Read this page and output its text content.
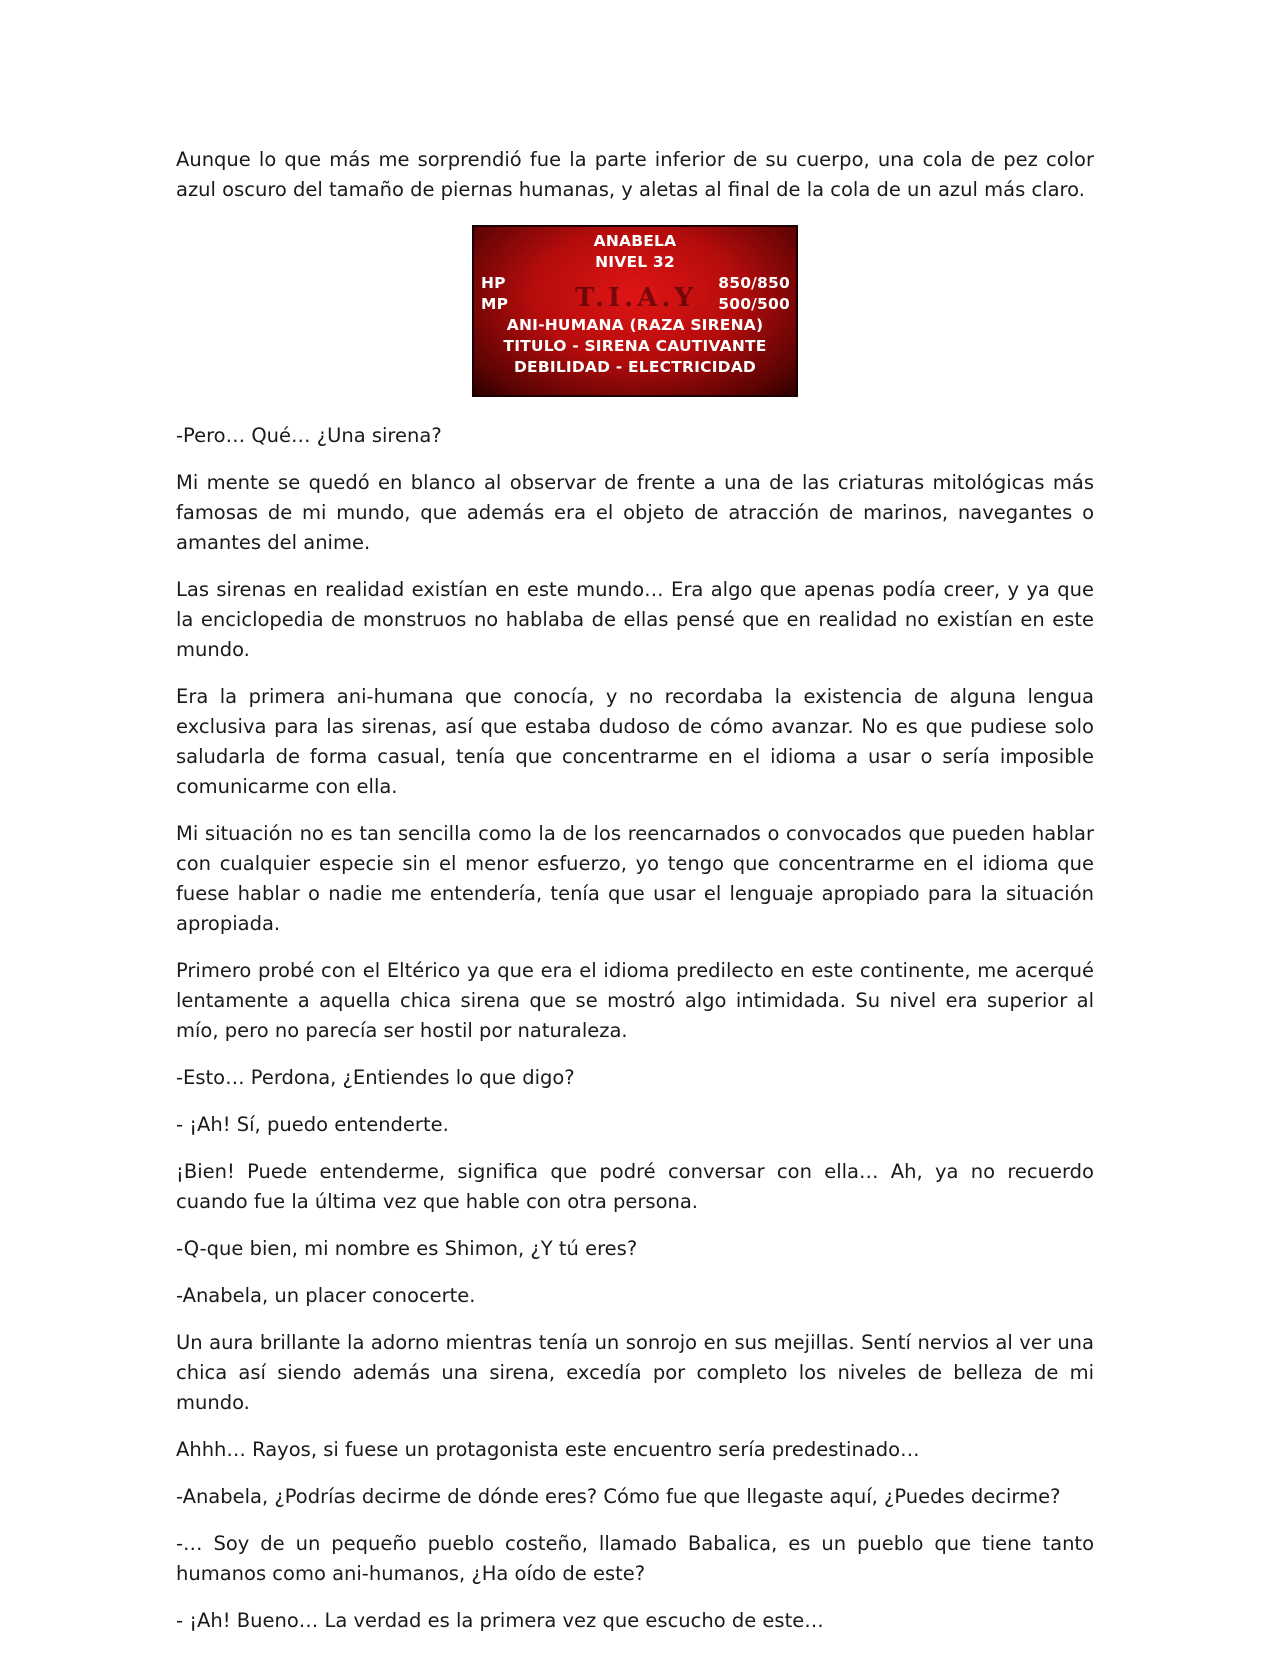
Aunque lo que más me sorprendió fue la parte inferior de su cuerpo, una cola de pez color azul oscuro del tamaño de piernas humanas, y aletas al final de la cola de un azul más claro.

T.I.A.Y
ANABELA
NIVEL 32
HP	850/850
MP	500/500
ANI-HUMANA (RAZA SIRENA)
TITULO - SIRENA CAUTIVANTE
DEBILIDAD - ELECTRICIDAD

-Pero… Qué… ¿Una sirena?

Mi mente se quedó en blanco al observar de frente a una de las criaturas mitológicas más famosas de mi mundo, que además era el objeto de atracción de marinos, navegantes o amantes del anime.

Las sirenas en realidad existían en este mundo… Era algo que apenas podía creer, y ya que la enciclopedia de monstruos no hablaba de ellas pensé que en realidad no existían en este mundo.

Era la primera ani-humana que conocía, y no recordaba la existencia de alguna lengua exclusiva para las sirenas, así que estaba dudoso de cómo avanzar. No es que pudiese solo saludarla de forma casual, tenía que concentrarme en el idioma a usar o sería imposible comunicarme con ella.

Mi situación no es tan sencilla como la de los reencarnados o convocados que pueden hablar con cualquier especie sin el menor esfuerzo, yo tengo que concentrarme en el idioma que fuese hablar o nadie me entendería, tenía que usar el lenguaje apropiado para la situación apropiada.

Primero probé con el Eltérico ya que era el idioma predilecto en este continente, me acerqué lentamente a aquella chica sirena que se mostró algo intimidada. Su nivel era superior al mío, pero no parecía ser hostil por naturaleza.

-Esto… Perdona, ¿Entiendes lo que digo?

- ¡Ah! Sí, puedo entenderte.

¡Bien! Puede entenderme, significa que podré conversar con ella… Ah, ya no recuerdo cuando fue la última vez que hable con otra persona.

-Q-que bien, mi nombre es Shimon, ¿Y tú eres?

-Anabela, un placer conocerte.

Un aura brillante la adorno mientras tenía un sonrojo en sus mejillas. Sentí nervios al ver una chica así siendo además una sirena, excedía por completo los niveles de belleza de mi mundo.

Ahhh… Rayos, si fuese un protagonista este encuentro sería predestinado…

-Anabela, ¿Podrías decirme de dónde eres? Cómo fue que llegaste aquí, ¿Puedes decirme?

-… Soy de un pequeño pueblo costeño, llamado Babalica, es un pueblo que tiene tanto humanos como ani-humanos, ¿Ha oído de este?

- ¡Ah! Bueno… La verdad es la primera vez que escucho de este…
